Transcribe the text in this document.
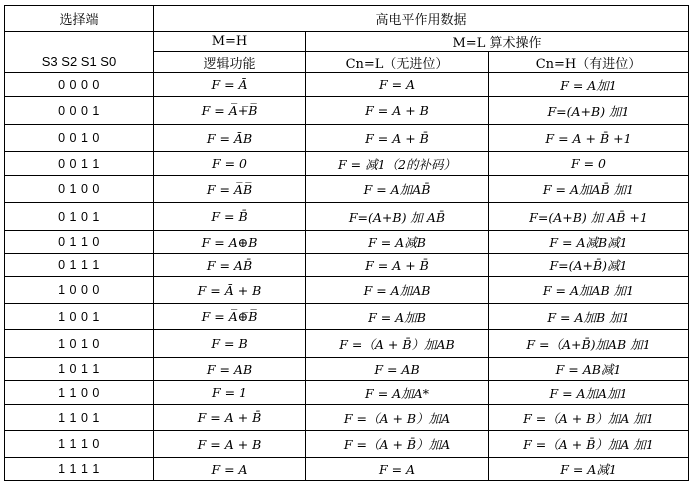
选择端	高电平作用数据		
S3 S2 S1 S0	M=H	M=L 算术操作	
	逻辑功能	Cn=L（无进位）	Cn=H（有进位）
0 0 0 0	F = Ā	F = A	F = A加1
0 0 0 1	F = A̅+̅B̅	F = A + B	F=(A+B) 加1
0 0 1 0	F = ĀB	F = A + B̄	F = A + B̄ +1
0 0 1 1	F = 0	F = 减1（2的补码）	F = 0
0 1 0 0	F = A̅B̅	F = A加AB̄	F = A加AB̄ 加1
0 1 0 1	F = B̄	F=(A+B) 加 AB̄	F=(A+B) 加 AB̄ +1
0 1 1 0	F = A⊕B	F = A减B	F = A减B减1
0 1 1 1	F = AB̄	F = A + B̄	F=(A+B̄)减1
1 0 0 0	F = Ā + B	F = A加AB	F = A加AB 加1
1 0 0 1	F = A̅⊕̅B̅	F = A加B	F = A加B 加1
1 0 1 0	F = B	F =（A + B̄）加AB	F =（A+B̄)加AB 加1
1 0 1 1	F = AB	F = AB	F = AB减1
1 1 0 0	F = 1	F = A加A*	F = A加A加1
1 1 0 1	F = A + B̄	F =（A + B）加A	F =（A + B）加A 加1
1 1 1 0	F = A + B	F =（A + B̄）加A	F =（A + B̄）加A 加1
1 1 1 1	F = A	F = A	F = A减1
